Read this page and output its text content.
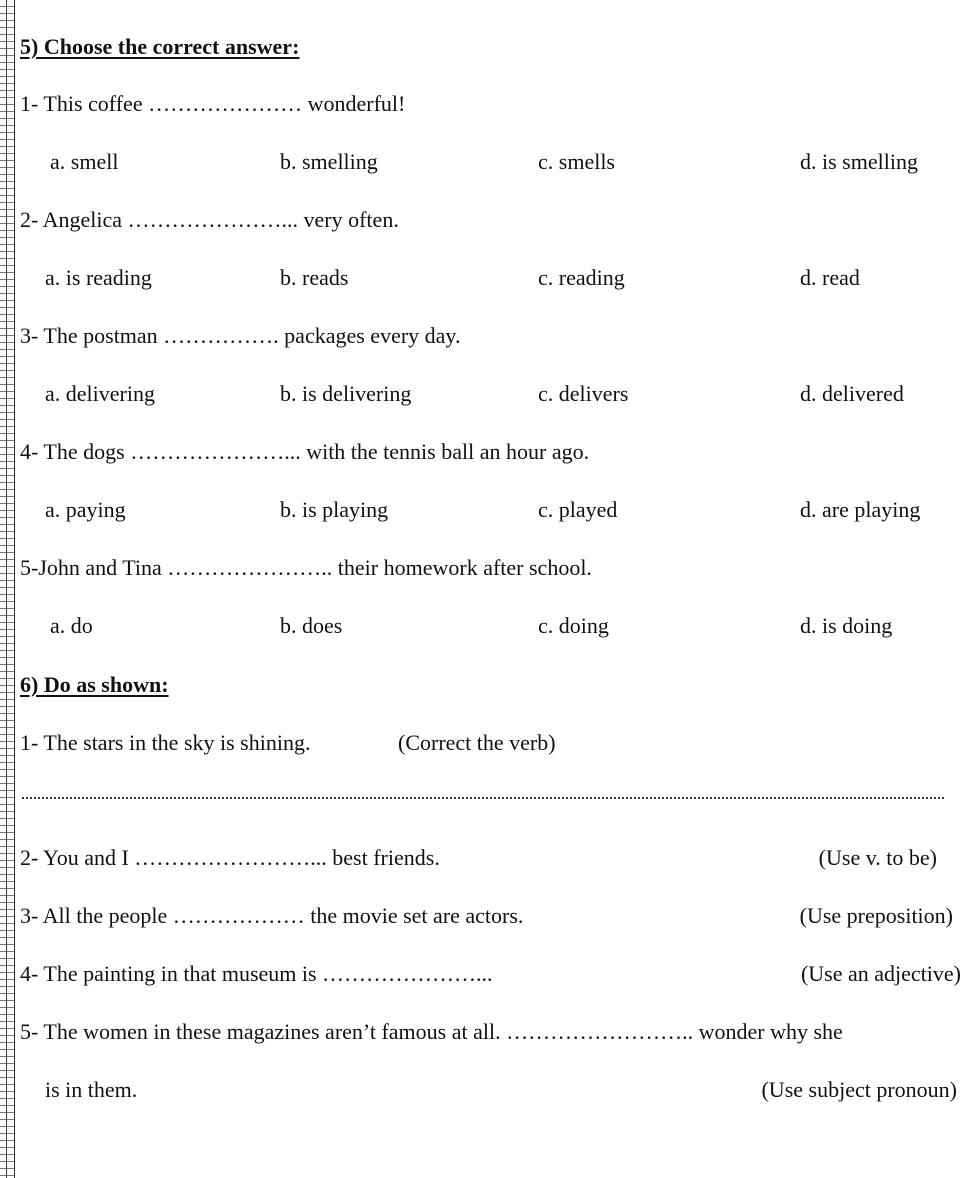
5) Choose the correct answer:
1- This coffee ………………… wonderful!
a. smell	b. smelling	c. smells	d. is smelling
2- Angelica …………………... very often.
a. is reading	b. reads	c. reading	d. read
3- The postman ……………. packages every day.
a. delivering	b. is delivering	c. delivers	d. delivered
4- The dogs …………………... with the tennis ball an hour ago.
a. paying	b. is playing	c. played	d. are playing
5-John and Tina ………………….. their homework after school.
a. do	b. does	c. doing	d. is doing
6) Do as shown:
1- The stars in the sky is shining.	(Correct the verb)
2- You and I ……………………... best friends.	(Use v. to be)
3- All the people ……………… the movie set are actors.	(Use preposition)
4- The painting in that museum is …………………...	(Use an adjective)
5- The women in these magazines aren’t famous at all. …………………….. wonder why she
is in them.	(Use subject pronoun)
